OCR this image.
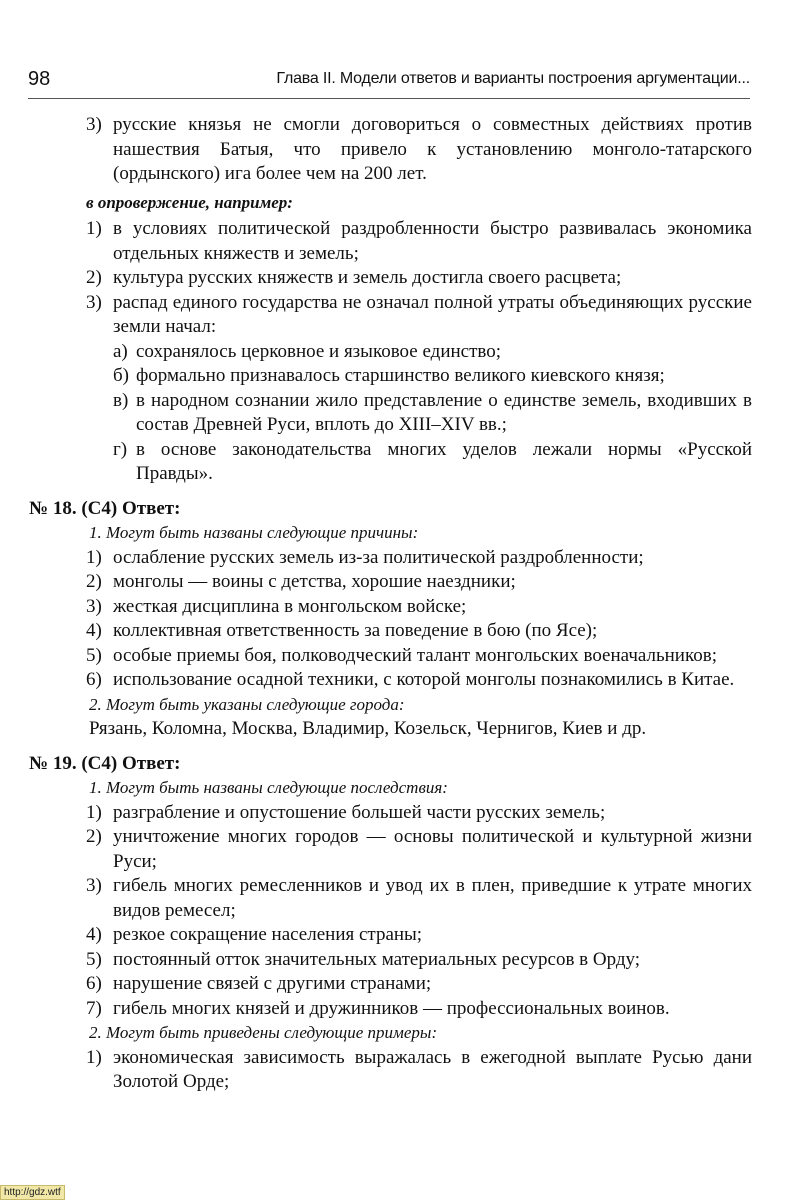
98	Глава II. Модели ответов и варианты построения аргументации...
3) русские князья не смогли договориться о совместных действиях против нашествия Батыя, что привело к установлению монголо-татарского (ордынского) ига более чем на 200 лет.
в опровержение, например:
1) в условиях политической раздробленности быстро развивалась экономика отдельных княжеств и земель;
2) культура русских княжеств и земель достигла своего расцвета;
3) распад единого государства не означал полной утраты объединяющих русские земли начал:
а) сохранялось церковное и языковое единство;
б) формально признавалось старшинство великого киевского князя;
в) в народном сознании жило представление о единстве земель, входивших в состав Древней Руси, вплоть до XIII–XIV вв.;
г) в основе законодательства многих уделов лежали нормы «Русской Правды».
№ 18. (С4) Ответ:
1. Могут быть названы следующие причины:
1) ослабление русских земель из-за политической раздробленности;
2) монголы — воины с детства, хорошие наездники;
3) жесткая дисциплина в монгольском войске;
4) коллективная ответственность за поведение в бою (по Ясе);
5) особые приемы боя, полководческий талант монгольских военачальников;
6) использование осадной техники, с которой монголы познакомились в Китае.
2. Могут быть указаны следующие города:
Рязань, Коломна, Москва, Владимир, Козельск, Чернигов, Киев и др.
№ 19. (С4) Ответ:
1. Могут быть названы следующие последствия:
1) разграбление и опустошение большей части русских земель;
2) уничтожение многих городов — основы политической и культурной жизни Руси;
3) гибель многих ремесленников и увод их в плен, приведшие к утрате многих видов ремесел;
4) резкое сокращение населения страны;
5) постоянный отток значительных материальных ресурсов в Орду;
6) нарушение связей с другими странами;
7) гибель многих князей и дружинников — профессиональных воинов.
2. Могут быть приведены следующие примеры:
1) экономическая зависимость выражалась в ежегодной выплате Русью дани Золотой Орде;
http://gdz.wtf
